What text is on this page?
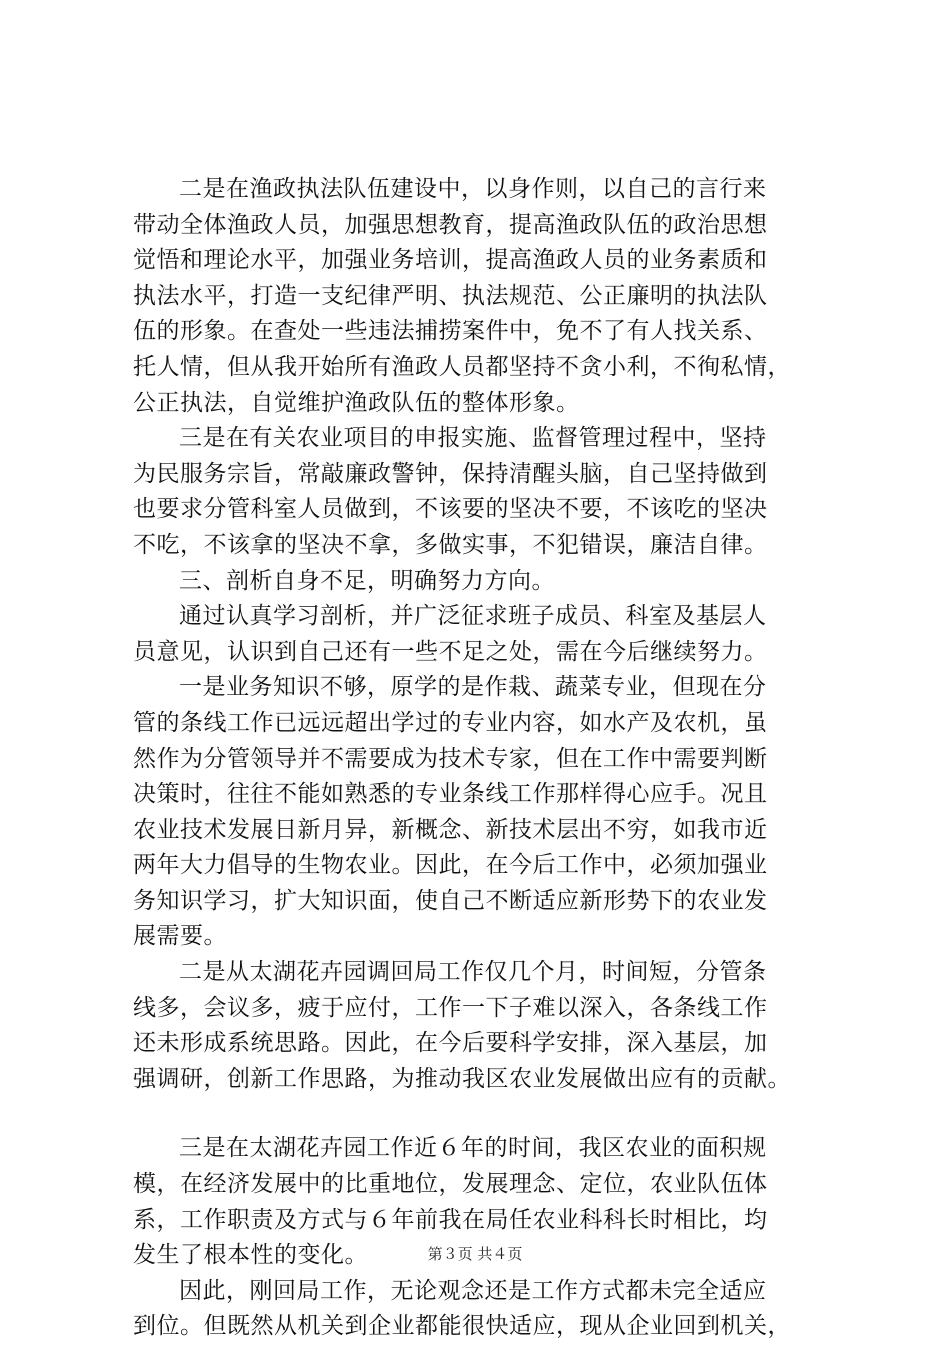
二是在渔政执法队伍建设中，以身作则，以自己的言行来
带动全体渔政人员，加强思想教育，提高渔政队伍的政治思想
觉悟和理论水平，加强业务培训，提高渔政人员的业务素质和
执法水平，打造一支纪律严明、执法规范、公正廉明的执法队
伍的形象。在查处一些违法捕捞案件中，免不了有人找关系、
托人情，但从我开始所有渔政人员都坚持不贪小利，不徇私情，
公正执法，自觉维护渔政队伍的整体形象。
三是在有关农业项目的申报实施、监督管理过程中，坚持
为民服务宗旨，常敲廉政警钟，保持清醒头脑，自己坚持做到
也要求分管科室人员做到，不该要的坚决不要，不该吃的坚决
不吃，不该拿的坚决不拿，多做实事，不犯错误，廉洁自律。
三、剖析自身不足，明确努力方向。
通过认真学习剖析，并广泛征求班子成员、科室及基层人
员意见，认识到自己还有一些不足之处，需在今后继续努力。
一是业务知识不够，原学的是作栽、蔬菜专业，但现在分
管的条线工作已远远超出学过的专业内容，如水产及农机，虽
然作为分管领导并不需要成为技术专家，但在工作中需要判断
决策时，往往不能如熟悉的专业条线工作那样得心应手。况且
农业技术发展日新月异，新概念、新技术层出不穷，如我市近
两年大力倡导的生物农业。因此，在今后工作中，必须加强业
务知识学习，扩大知识面，使自己不断适应新形势下的农业发
展需要。
二是从太湖花卉园调回局工作仅几个月，时间短，分管条
线多，会议多，疲于应付，工作一下子难以深入，各条线工作
还未形成系统思路。因此，在今后要科学安排，深入基层，加
强调研，创新工作思路，为推动我区农业发展做出应有的贡献。
三是在太湖花卉园工作近６年的时间，我区农业的面积规
模，在经济发展中的比重地位，发展理念、定位，农业队伍体
系，工作职责及方式与６年前我在局任农业科科长时相比，均
发生了根本性的变化。
因此，刚回局工作，无论观念还是工作方式都未完全适应
到位。但既然从机关到企业都能很快适应，现从企业回到机关，
第３页 共４页
